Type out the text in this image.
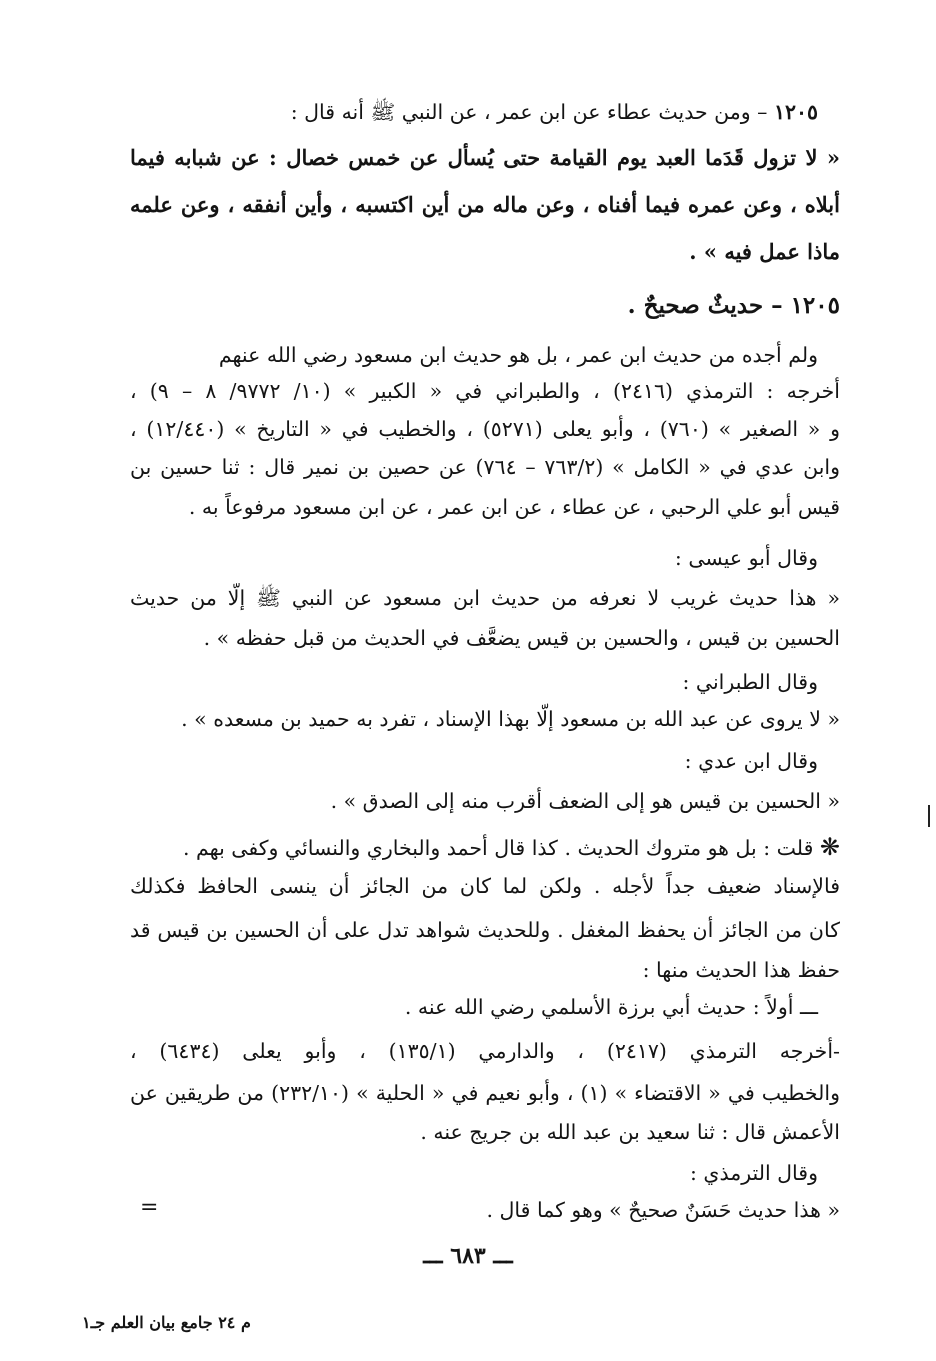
١٢٠٥ – ومن حديث عطاء عن ابن عمر ، عن النبي ﷺ أنه قال :
« لا تزول قَدَما العبد يوم القيامة حتى يُسأل عن خمس خصال : عن شبابه فيما
أبلاه ، وعن عمره فيما أفناه ، وعن ماله من أين اكتسبه ، وأين أنفقه ، وعن علمه
ماذا عمل فيه » .
١٢٠٥ – حديثٌ صحيحٌ .
ولم أجده من حديث ابن عمر ، بل هو حديث ابن مسعود رضي الله عنهم
أخرجه : الترمذي (٢٤١٦) ، والطبراني في « الكبير » (١٠/ ٩٧٧٢/ ٨ – ٩) ،
و « الصغير » (٧٦٠) ، وأبو يعلى (٥٢٧١) ، والخطيب في « التاريخ » (١٢/٤٤٠) ،
وابن عدي في « الكامل » (٧٦٣/٢ – ٧٦٤) عن حصين بن نمير قال : ثنا حسين بن
قيس أبو علي الرحبي ، عن عطاء ، عن ابن عمر ، عن ابن مسعود مرفوعاً به .
وقال أبو عيسى :
« هذا حديث غريب لا نعرفه من حديث ابن مسعود عن النبي ﷺ إلّا من حديث
الحسين بن قيس ، والحسين بن قيس يضعَّف في الحديث من قبل حفظه » .
وقال الطبراني :
« لا يروى عن عبد الله بن مسعود إلّا بهذا الإسناد ، تفرد به حميد بن مسعده » .
وقال ابن عدي :
« الحسين بن قيس هو إلى الضعف أقرب منه إلى الصدق » .
❋ قلت : بل هو متروك الحديث . كذا قال أحمد والبخاري والنسائي وكفى بهم .
فالإسناد ضعيف جداً لأجله . ولكن لما كان من الجائز أن ينسى الحافظ فكذلك
كان من الجائز أن يحفظ المغفل . وللحديث شواهد تدل على أن الحسين بن قيس قد
حفظ هذا الحديث منها :
ـــ أولاً : حديث أبي برزة الأسلمي رضي الله عنه .
-أخرجه الترمذي (٢٤١٧) ، والدارمي (١٣٥/١) ، وأبو يعلى (٦٤٣٤) ،
والخطيب في « الاقتضاء » (١) ، وأبو نعيم في « الحلية » (٢٣٢/١٠) من طريقين عن
الأعمش قال : ثنا سعيد بن عبد الله بن جريج عنه .
وقال الترمذي :
« هذا حديث حَسَنٌ صحيحٌ » وهو كما قال .
=
ـــ ٦٨٣ ـــ
م ٢٤ جامع بيان العلم جـ١
